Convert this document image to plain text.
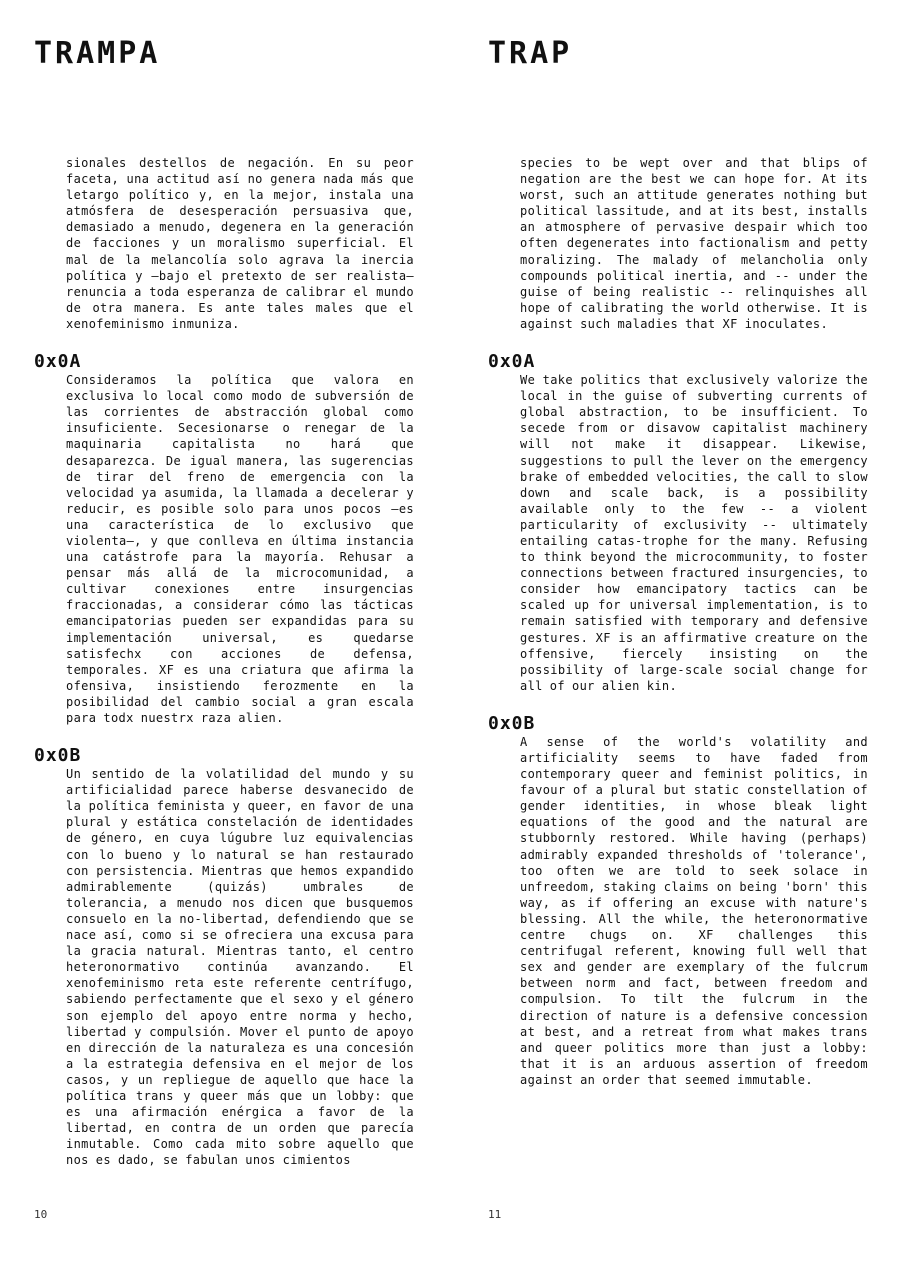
TRAMPA

sionales destellos de negación. En su peor faceta, una actitud así no genera nada más que letargo político y, en la mejor, instala una atmósfera de desesperación persuasiva que, demasiado a menudo, degenera en la generación de facciones y un moralismo superficial. El mal de la melancolía solo agrava la inercia política y —bajo el pretexto de ser realista— renuncia a toda esperanza de calibrar el mundo de otra manera. Es ante tales males que el xenofeminismo inmuniza.

0x0A

Consideramos la política que valora en exclusiva lo local como modo de subversión de las corrientes de abstracción global como insuficiente. Secesionarse o renegar de la maquinaria capitalista no hará que desaparezca. De igual manera, las sugerencias de tirar del freno de emergencia con la velocidad ya asumida, la llamada a decelerar y reducir, es posible solo para unos pocos —es una característica de lo exclusivo que violenta—, y que conlleva en última instancia una catástrofe para la mayoría. Rehusar a pensar más allá de la microcomunidad, a cultivar conexiones entre insurgencias fraccionadas, a considerar cómo las tácticas emancipatorias pueden ser expandidas para su implementación universal, es quedarse satisfechx con acciones de defensa, temporales. XF es una criatura que afirma la ofensiva, insistiendo ferozmente en la posibilidad del cambio social a gran escala para todx nuestrx raza alien.

0x0B

Un sentido de la volatilidad del mundo y su artificialidad parece haberse desvanecido de la política feminista y queer, en favor de una plural y estática constelación de identidades de género, en cuya lúgubre luz equivalencias con lo bueno y lo natural se han restaurado con persistencia. Mientras que hemos expandido admirablemente (quizás) umbrales de tolerancia, a menudo nos dicen que busquemos consuelo en la no-libertad, defendiendo que se nace así, como si se ofreciera una excusa para la gracia natural. Mientras tanto, el centro heteronormativo continúa avanzando. El xenofeminismo reta este referente centrífugo, sabiendo perfectamente que el sexo y el género son ejemplo del apoyo entre norma y hecho, libertad y compulsión. Mover el punto de apoyo en dirección de la naturaleza es una concesión a la estrategia defensiva en el mejor de los casos, y un repliegue de aquello que hace la política trans y queer más que un lobby: que es una afirmación enérgica a favor de la libertad, en contra de un orden que parecía inmutable. Como cada mito sobre aquello que nos es dado, se fabulan unos cimientos

10
TRAP

species to be wept over and that blips of negation are the best we can hope for. At its worst, such an attitude generates nothing but political lassitude, and at its best, installs an atmosphere of pervasive despair which too often degenerates into factionalism and petty moralizing. The malady of melancholia only compounds political inertia, and -- under the guise of being realistic -- relinquishes all hope of calibrating the world otherwise. It is against such maladies that XF inoculates.

0x0A

We take politics that exclusively valorize the local in the guise of subverting currents of global abstraction, to be insufficient. To secede from or disavow capitalist machinery will not make it disappear. Likewise, suggestions to pull the lever on the emergency brake of embedded velocities, the call to slow down and scale back, is a possibility available only to the few -- a violent particularity of exclusivity -- ultimately entailing catas-trophe for the many. Refusing to think beyond the microcommunity, to foster connections between fractured insurgencies, to consider how emancipatory tactics can be scaled up for universal implementation, is to remain satisfied with temporary and defensive gestures. XF is an affirmative creature on the offensive, fiercely insisting on the possibility of large-scale social change for all of our alien kin.

0x0B

A sense of the world's volatility and artificiality seems to have faded from contemporary queer and feminist politics, in favour of a plural but static constellation of gender identities, in whose bleak light equations of the good and the natural are stubbornly restored. While having (perhaps) admirably expanded thresholds of 'tolerance', too often we are told to seek solace in unfreedom, staking claims on being 'born' this way, as if offering an excuse with nature's blessing. All the while, the heteronormative centre chugs on. XF challenges this centrifugal referent, knowing full well that sex and gender are exemplary of the fulcrum between norm and fact, between freedom and compulsion. To tilt the fulcrum in the direction of nature is a defensive concession at best, and a retreat from what makes trans and queer politics more than just a lobby: that it is an arduous assertion of freedom against an order that seemed immutable.

11
